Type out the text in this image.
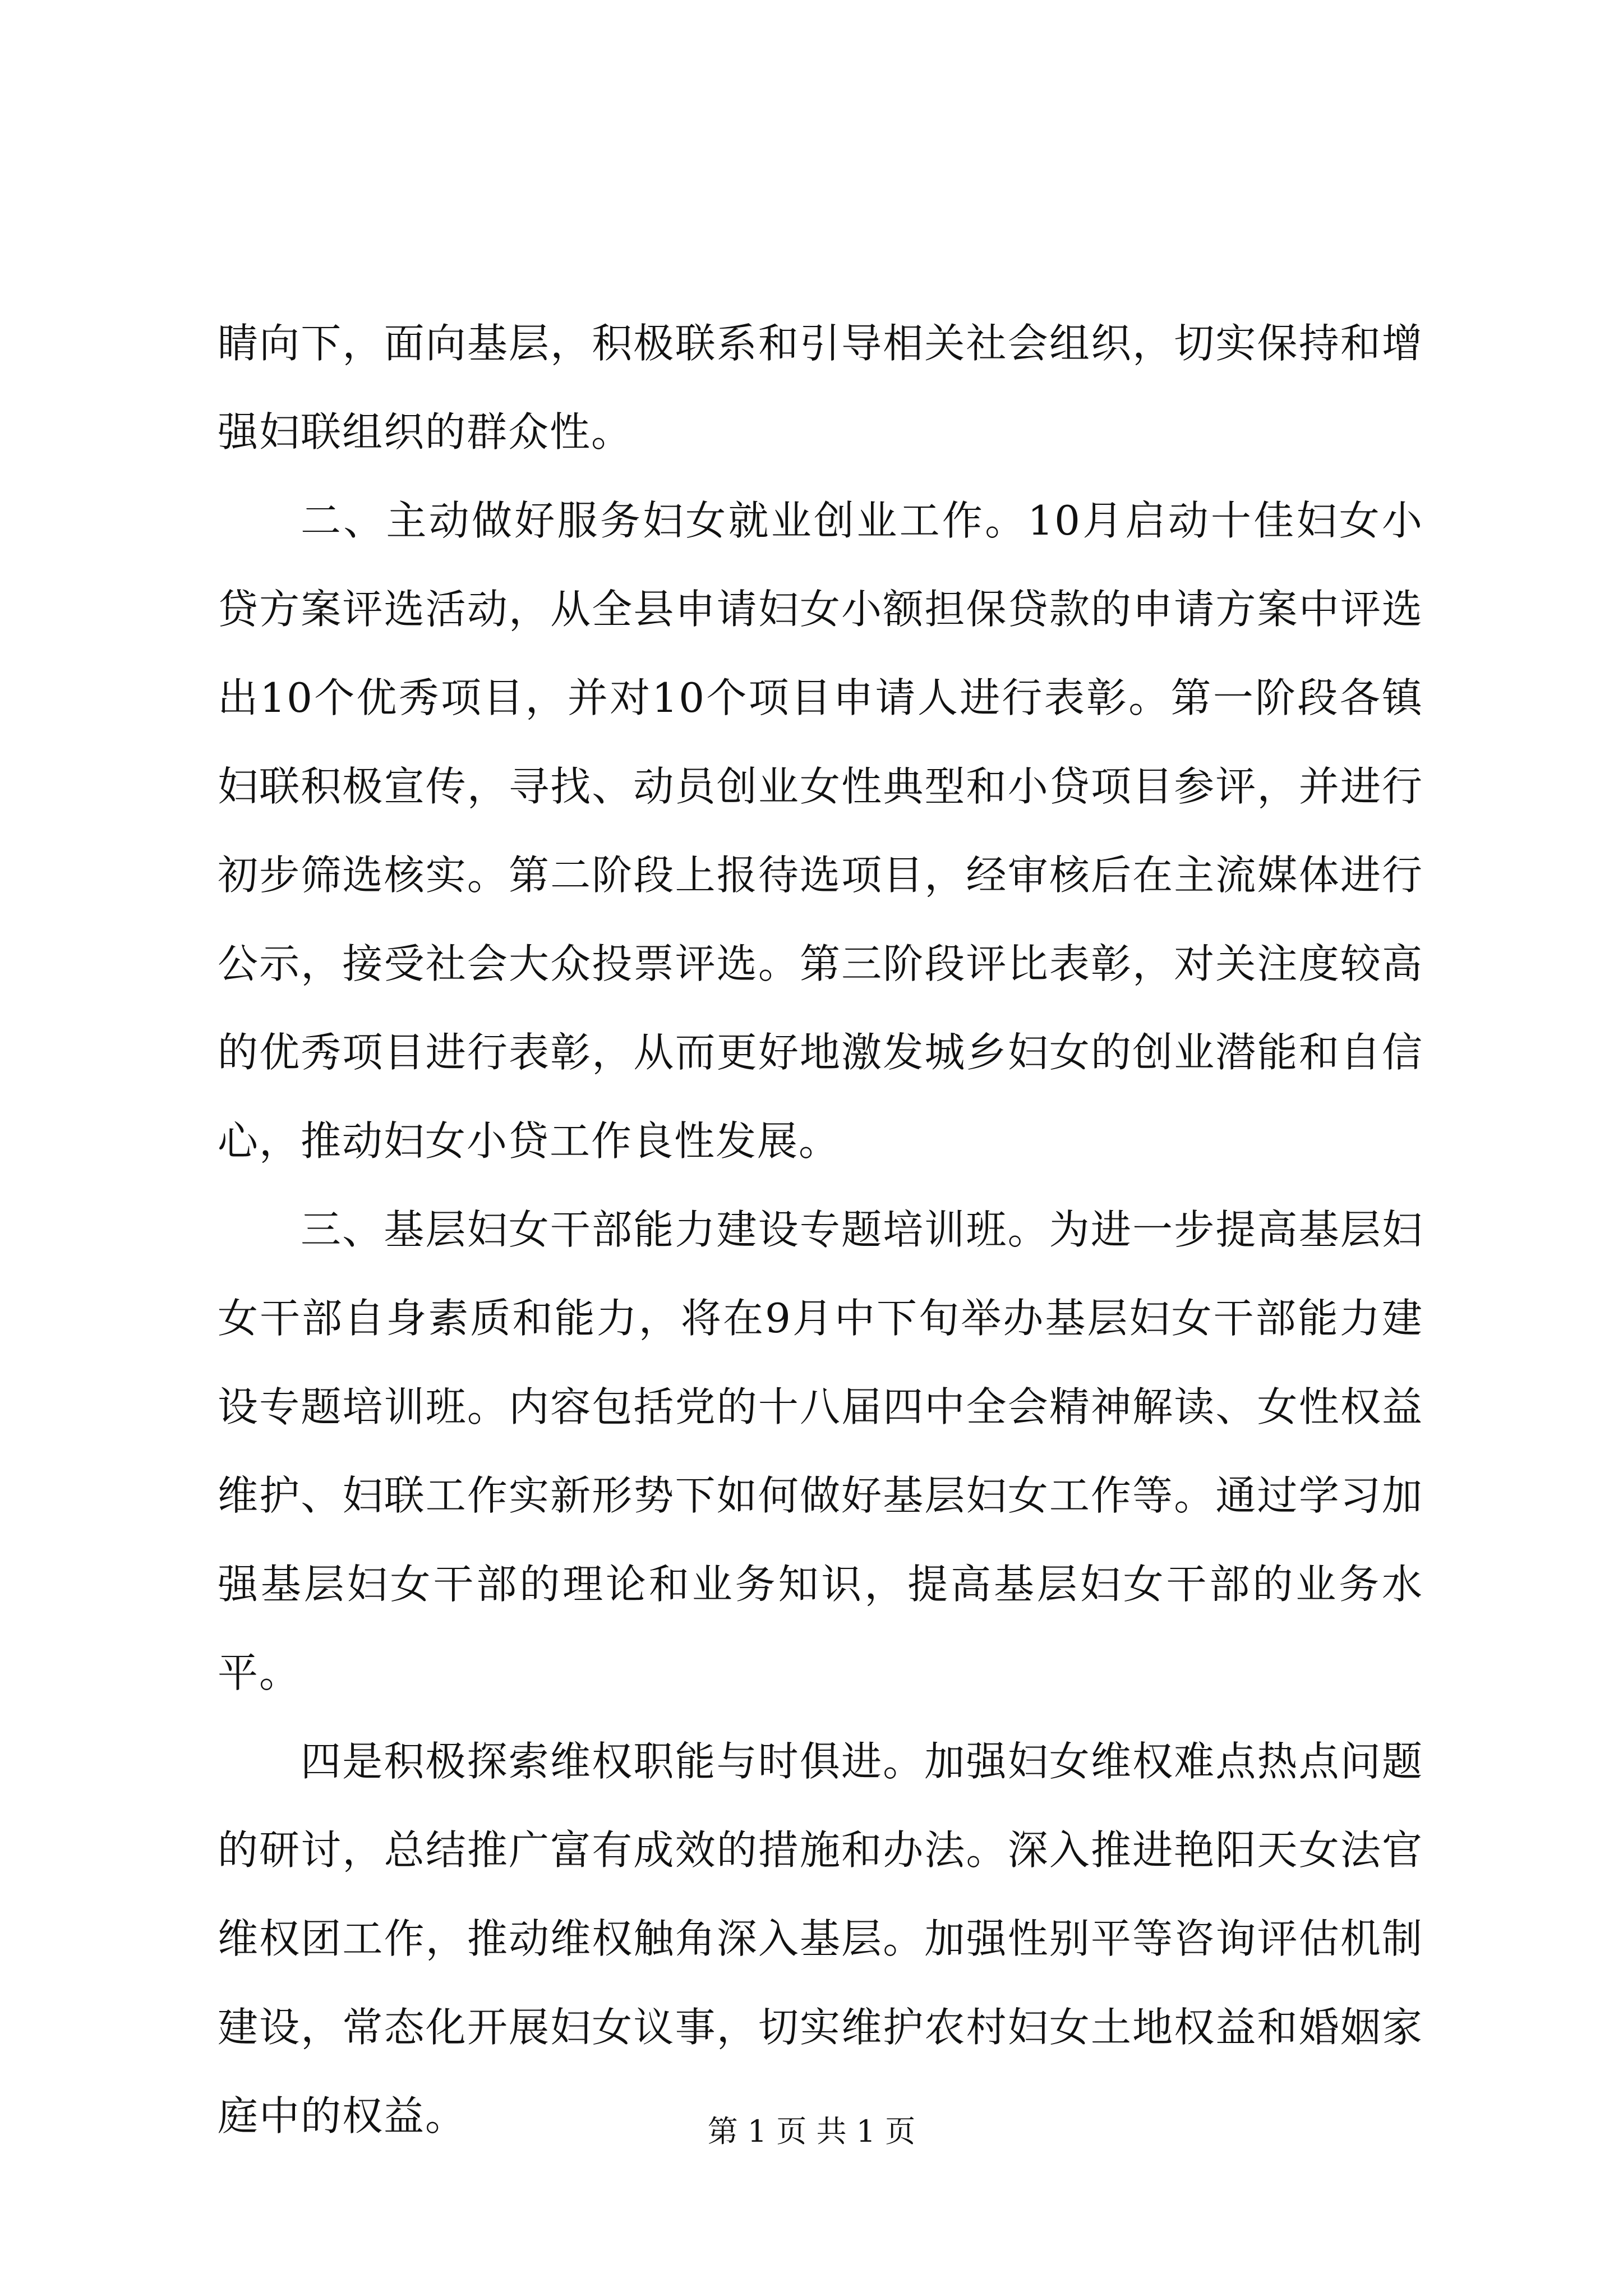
睛向下，面向基层，积极联系和引导相关社会组织，切实保持和增强妇联组织的群众性。

二、主动做好服务妇女就业创业工作。10月启动十佳妇女小贷方案评选活动，从全县申请妇女小额担保贷款的申请方案中评选出10个优秀项目，并对10个项目申请人进行表彰。第一阶段各镇妇联积极宣传，寻找、动员创业女性典型和小贷项目参评，并进行初步筛选核实。第二阶段上报待选项目，经审核后在主流媒体进行公示，接受社会大众投票评选。第三阶段评比表彰，对关注度较高的优秀项目进行表彰，从而更好地激发城乡妇女的创业潜能和自信心，推动妇女小贷工作良性发展。

三、基层妇女干部能力建设专题培训班。为进一步提高基层妇女干部自身素质和能力，将在9月中下旬举办基层妇女干部能力建设专题培训班。内容包括党的十八届四中全会精神解读、女性权益维护、妇联工作实新形势下如何做好基层妇女工作等。通过学习加强基层妇女干部的理论和业务知识，提高基层妇女干部的业务水平。

四是积极探索维权职能与时俱进。加强妇女维权难点热点问题的研讨，总结推广富有成效的措施和办法。深入推进艳阳天女法官维权团工作，推动维权触角深入基层。加强性别平等咨询评估机制建设，常态化开展妇女议事，切实维护农村妇女土地权益和婚姻家庭中的权益。	第 1 页 共 1 页
